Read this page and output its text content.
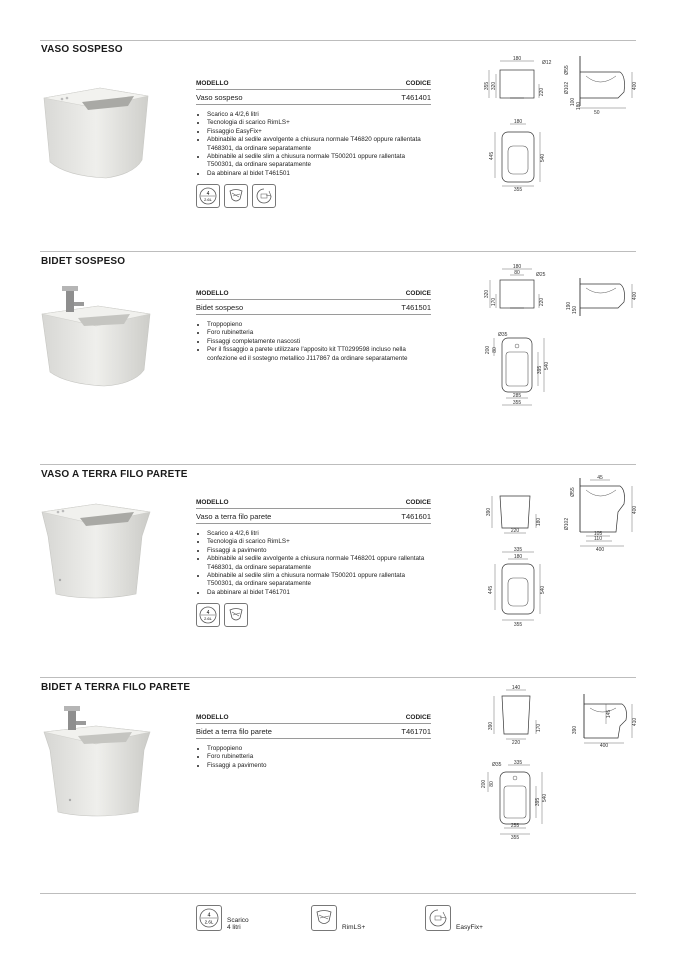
VASO SOSPESO
MODELLO	CODICE
Vaso sospeso	T461401
• Scarico a 4/2,6 litri
• Tecnologia di scarico RimLS+
• Fissaggio EasyFix+
• Abbinabile al sedile avvolgente a chiusura normale T46820 oppure rallentata T468301, da ordinare separatamente
• Abbinabile al sedile slim a chiusura normale T500201 oppure rallentata T500301, da ordinare separatamente
• Da abbinare al bidet T461501
4
2.6L
180
Ø12
355 320
220
Ø55
Ø102
100 180
50
400
180
445	540
355
BIDET SOSPESO
MODELLO	CODICE
Bidet sospeso	T461501
• Troppopieno
• Foro rubinetteria
• Fissaggi completamente nascosti
• Per il fissaggio a parete utilizzare l'apposito kit TT0299598 incluso nella confezione ed il sostegno metallico J117867 da ordinare separatamente
180
80	Ø25
320
170	220	190 150
400
Ø35
200 80
395 540
285
355
VASO A TERRA FILO PARETE
MODELLO	CODICE
Vaso a terra filo parete	T461601
• Scarico a 4/2,6 litri
• Tecnologia di scarico RimLS+
• Fissaggi a pavimento
• Abbinabile al sedile avvolgente a chiusura normale T468201 oppure rallentata T468301, da ordinare separatamente
• Abbinabile al sedile slim a chiusura normale T500201 oppure rallentata T500301, da ordinare separatamente
• Da abbinare al bidet T461701
4
2.6L
390
220
180
45
Ø55
Ø102
105
110
400
400
335
180
445	540
355
BIDET A TERRA FILO PARETE
MODELLO	CODICE
Bidet a terra filo parete	T461701
• Troppopieno
• Foro rubinetteria
• Fissaggi a pavimento
140
390
220
170
145
390
400
410
Ø35 335
200 80
395 540
255
355
4
2.6L Scarico
4 litri	RimLS+	EasyFix+
